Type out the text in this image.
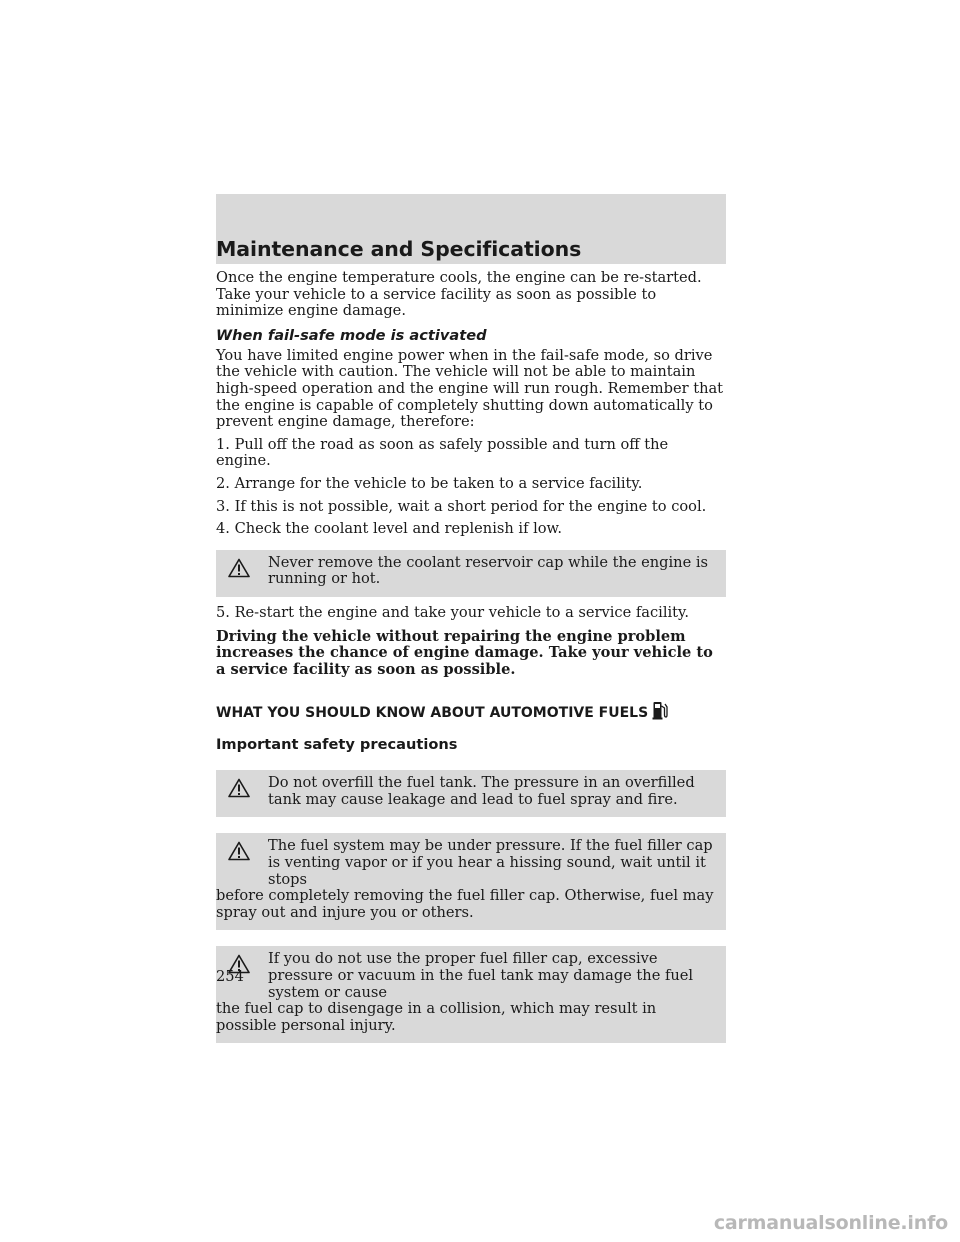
Maintenance and Specifications

Once the engine temperature cools, the engine can be re-started. Take your vehicle to a service facility as soon as possible to minimize engine damage.

When fail-safe mode is activated

You have limited engine power when in the fail-safe mode, so drive the vehicle with caution. The vehicle will not be able to maintain high-speed operation and the engine will run rough. Remember that the engine is capable of completely shutting down automatically to prevent engine damage, therefore:

1. Pull off the road as soon as safely possible and turn off the engine.

2. Arrange for the vehicle to be taken to a service facility.

3. If this is not possible, wait a short period for the engine to cool.

4. Check the coolant level and replenish if low.

Never remove the coolant reservoir cap while the engine is running or hot.

5. Re-start the engine and take your vehicle to a service facility.

Driving the vehicle without repairing the engine problem increases the chance of engine damage. Take your vehicle to a service facility as soon as possible.

WHAT YOU SHOULD KNOW ABOUT AUTOMOTIVE FUELS
Important safety precautions
Do not overfill the fuel tank. The pressure in an overfilled tank may cause leakage and lead to fuel spray and fire.
The fuel system may be under pressure. If the fuel filler cap is venting vapor or if you hear a hissing sound, wait until it stops
before completely removing the fuel filler cap. Otherwise, fuel may spray out and injure you or others.
If you do not use the proper fuel filler cap, excessive pressure or vacuum in the fuel tank may damage the fuel system or cause
the fuel cap to disengage in a collision, which may result in possible personal injury.
254
carmanualsonline.info
